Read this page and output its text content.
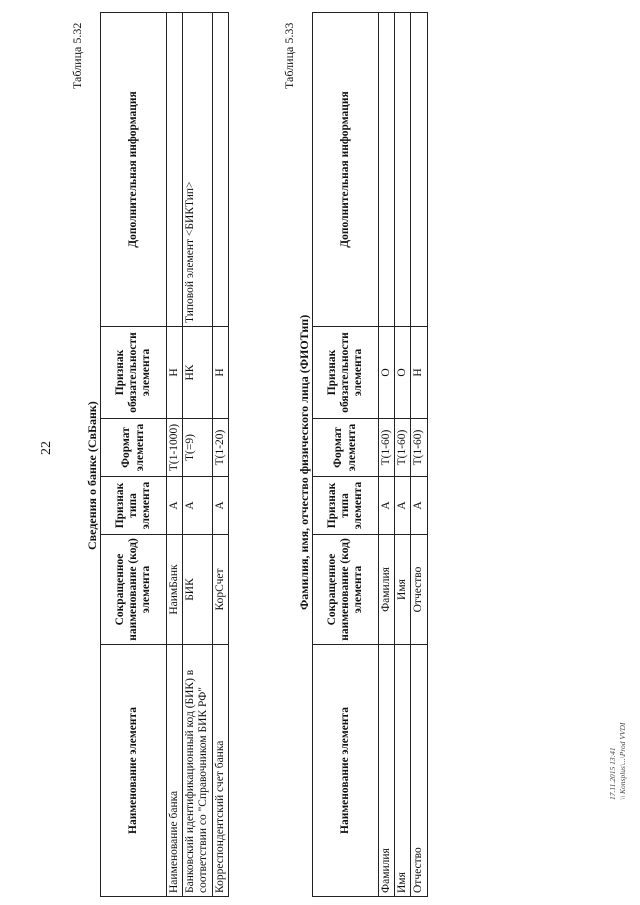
22
Таблица 5.32
Сведения о банке (СвБанк)
Наименование элемента	Сокращенное наименование (код) элемента	Признак типа элемента	Формат элемента	Признак обязательности элемента	Дополнительная информация
Наименование банка	НаимБанк	А	T(1-1000)	Н	
Банковский идентификационный код (БИК) в соответствии со "Справочником БИК РФ"	БИК	А	T(=9)	НК	Типовой элемент <БИКТип>
Корреспондентский счет банка	КорСчет	А	T(1-20)	Н	
Таблица 5.33
Фамилия, имя, отчество физического лица (ФИОТип)
Наименование элемента	Сокращенное наименование (код) элемента	Признак типа элемента	Формат элемента	Признак обязательности элемента	Дополнительная информация
Фамилия	Фамилия	А	T(1-60)	О	
Имя	Имя	А	T(1-60)	О	
Отчество	Отчество	А	T(1-60)	Н	
17.11.2015 13:41 \\ Konsplus\...\Prod VVDI
